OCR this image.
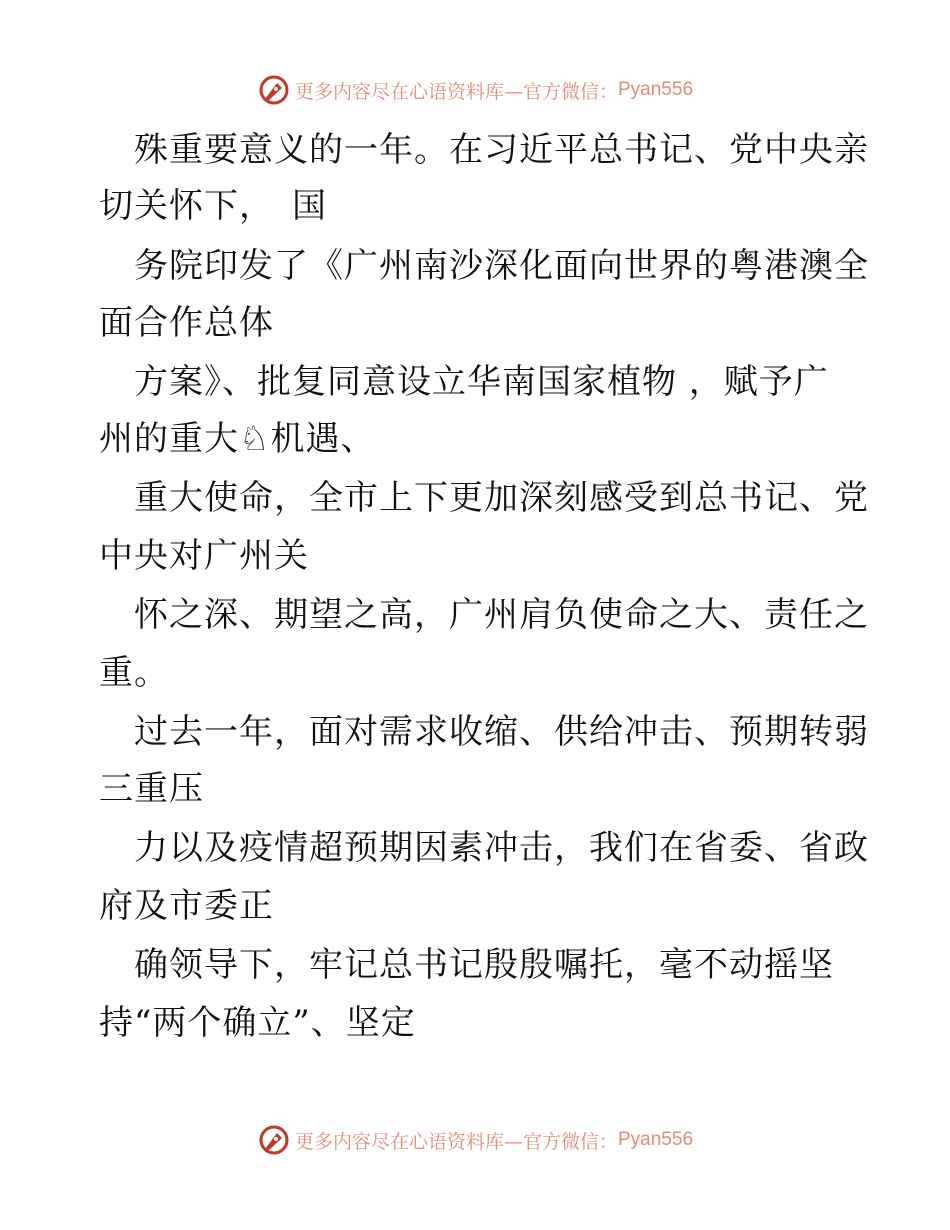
更多内容尽在心语资料库—官方微信： Pyan556
　殊重要意义的一年。在习近平总书记、党中央亲
切关怀下，　国
　务院印发了《广州南沙深化面向世界的粤港澳全
面合作总体
　方案》、批复同意设立华南国家植物 ，赋予广
州的重大♘机遇、
　重大使命，全市上下更加深刻感受到总书记、党
中央对广州关
　怀之深、期望之高，广州肩负使命之大、责任之
重。
　过去一年，面对需求收缩、供给冲击、预期转弱
三重压
　力以及疫情超预期因素冲击，我们在省委、省政
府及市委正
　确领导下，牢记总书记殷殷嘱托，毫不动摇坚
持“两个确立”、坚定
更多内容尽在心语资料库—官方微信： Pyan556
